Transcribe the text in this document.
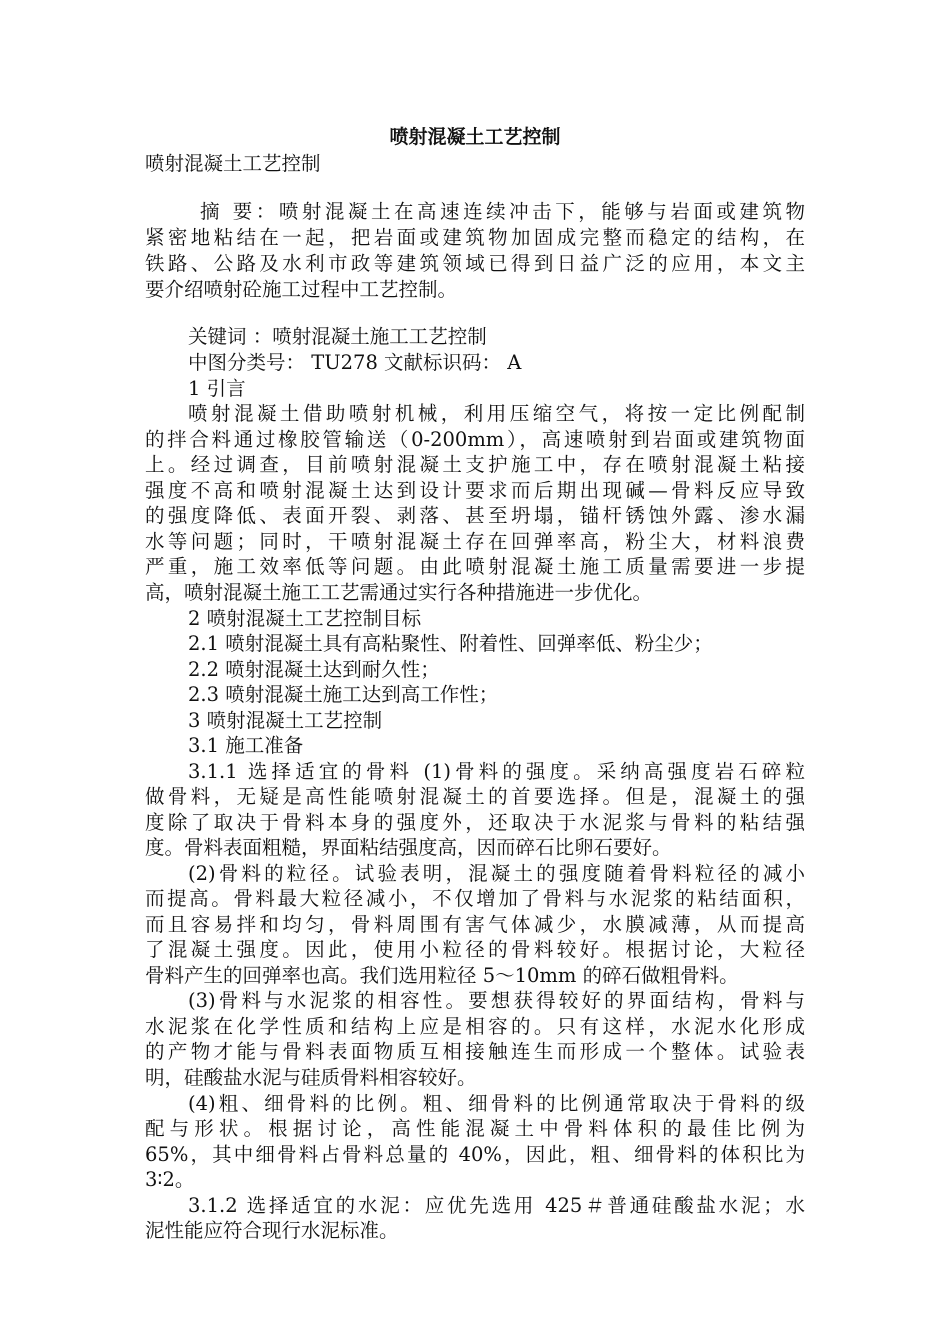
喷射混凝土工艺控制
喷射混凝土工艺控制
摘 要：喷射混凝土在高速连续冲击下，能够与岩面或建筑物
紧密地粘结在一起，把岩面或建筑物加固成完整而稳定的结构，在
铁路、公路及水利市政等建筑领域已得到日益广泛的应用，本文主
要介绍喷射砼施工过程中工艺控制。
关键词 ：喷射混凝土施工工艺控制
中图分类号： TU278 文献标识码： A
1 引言
喷射混凝土借助喷射机械，利用压缩空气，将按一定比例配制
的拌合料通过橡胶管输送（0-200mm），高速喷射到岩面或建筑物面
上。经过调查，目前喷射混凝土支护施工中，存在喷射混凝土粘接
强度不高和喷射混凝土达到设计要求而后期出现碱—骨料反应导致
的强度降低、表面开裂、剥落、甚至坍塌，锚杆锈蚀外露、渗水漏
水等问题；同时，干喷射混凝土存在回弹率高，粉尘大，材料浪费
严重，施工效率低等问题。由此喷射混凝土施工质量需要进一步提
高，喷射混凝土施工工艺需通过实行各种措施进一步优化。
2 喷射混凝土工艺控制目标
2.1 喷射混凝土具有高粘聚性、附着性、回弹率低、粉尘少；
2.2 喷射混凝土达到耐久性；
2.3 喷射混凝土施工达到高工作性；
3 喷射混凝土工艺控制
3.1 施工准备
3.1.1 选择适宜的骨料 (1)骨料的强度。采纳高强度岩石碎粒
做骨料，无疑是高性能喷射混凝土的首要选择。但是，混凝土的强
度除了取决于骨料本身的强度外，还取决于水泥浆与骨料的粘结强
度。骨料表面粗糙，界面粘结强度高，因而碎石比卵石要好。
(2)骨料的粒径。试验表明，混凝土的强度随着骨料粒径的减小
而提高。骨料最大粒径减小，不仅增加了骨料与水泥浆的粘结面积，
而且容易拌和均匀，骨料周围有害气体减少，水膜减薄，从而提高
了混凝土强度。因此，使用小粒径的骨料较好。根据讨论，大粒径
骨料产生的回弹率也高。我们选用粒径 5～10mm 的碎石做粗骨料。
(3)骨料与水泥浆的相容性。要想获得较好的界面结构，骨料与
水泥浆在化学性质和结构上应是相容的。只有这样，水泥水化形成
的产物才能与骨料表面物质互相接触连生而形成一个整体。试验表
明，硅酸盐水泥与硅质骨料相容较好。
(4)粗、细骨料的比例。粗、细骨料的比例通常取决于骨料的级
配与形状。根据讨论，高性能混凝土中骨料体积的最佳比例为
65%，其中细骨料占骨料总量的 40%，因此，粗、细骨料的体积比为
3∶2。
3.1.2 选择适宜的水泥：应优先选用 425＃普通硅酸盐水泥；水
泥性能应符合现行水泥标准。
